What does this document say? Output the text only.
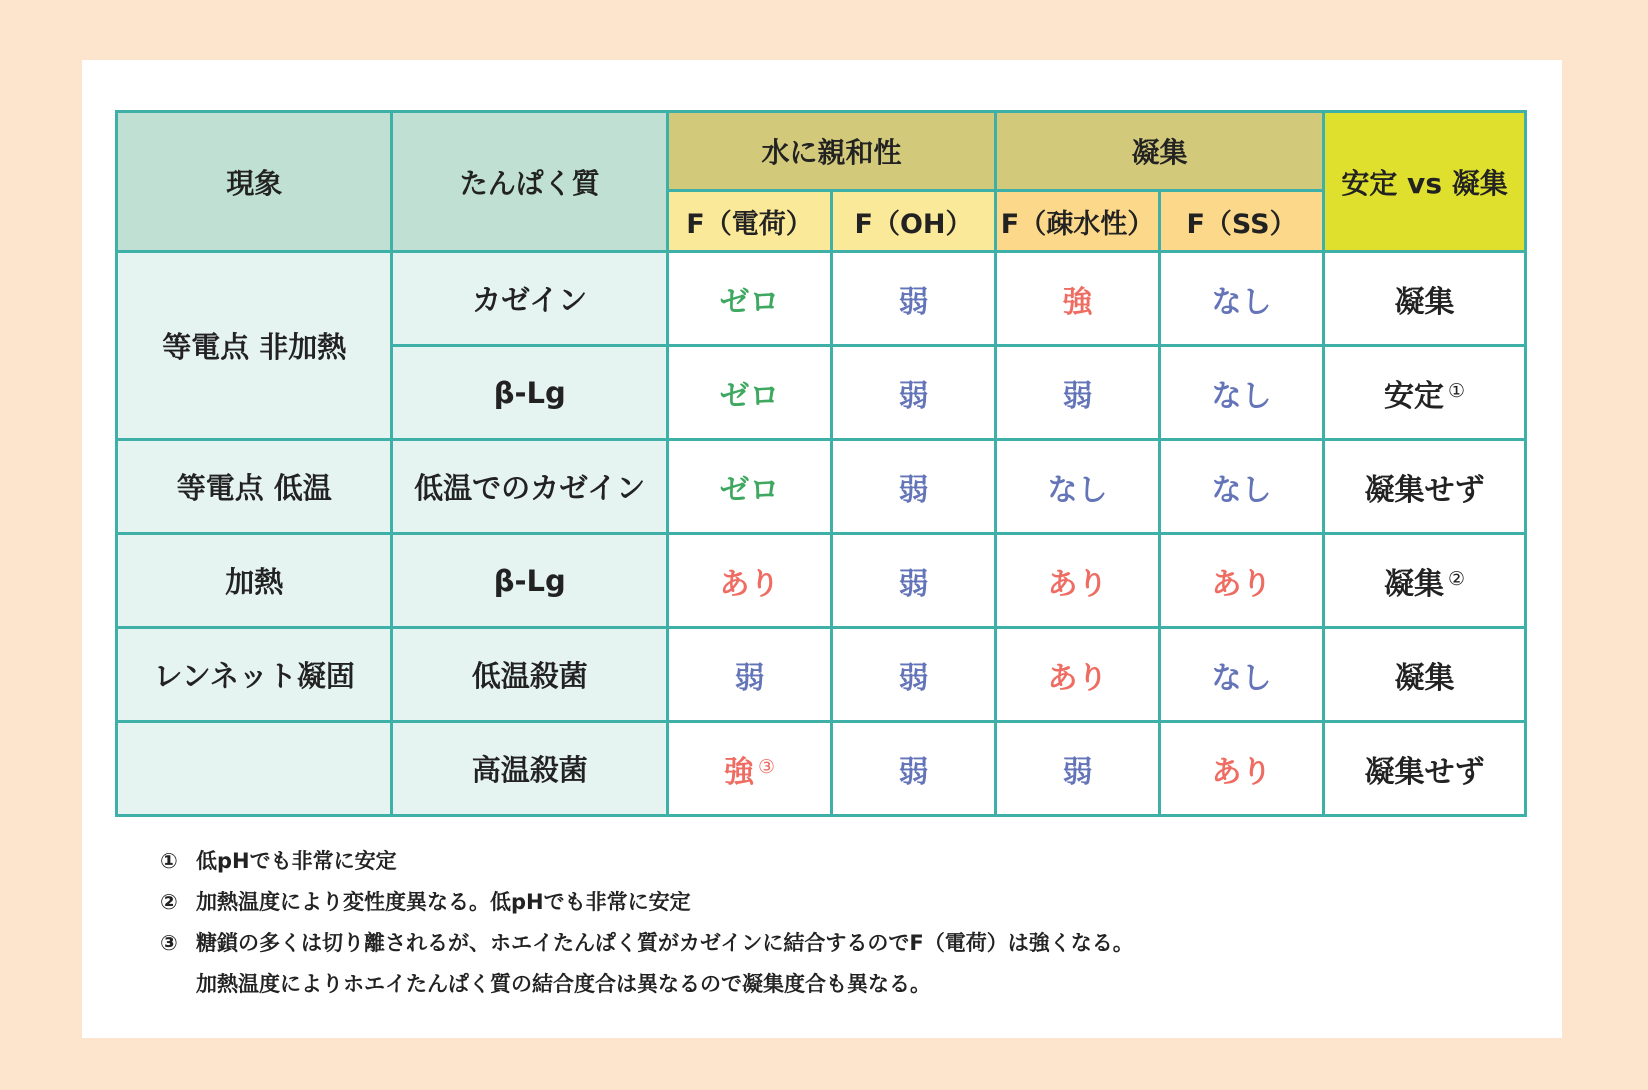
現象	たんぱく質	水に親和性		凝集		安定 vs 凝集
		F（電荷）	F（OH）	F（疎水性）	F（SS）	
等電点 非加熱	カゼイン	ゼロ	弱	強	なし	凝集
	β-Lg	ゼロ	弱	弱	なし	安定 ①
等電点 低温	低温でのカゼイン	ゼロ	弱	なし	なし	凝集せず
加熱	β-Lg	あり	弱	あり	あり	凝集 ②
レンネット凝固	低温殺菌	弱	弱	あり	なし	凝集
	高温殺菌	強 ③	弱	弱	あり	凝集せず
① 低pHでも非常に安定
② 加熱温度により変性度異なる。低pHでも非常に安定
③ 糖鎖の多くは切り離されるが、ホエイたんぱく質がカゼインに結合するのでF（電荷）は強くなる。
加熱温度によりホエイたんぱく質の結合度合は異なるので凝集度合も異なる。
